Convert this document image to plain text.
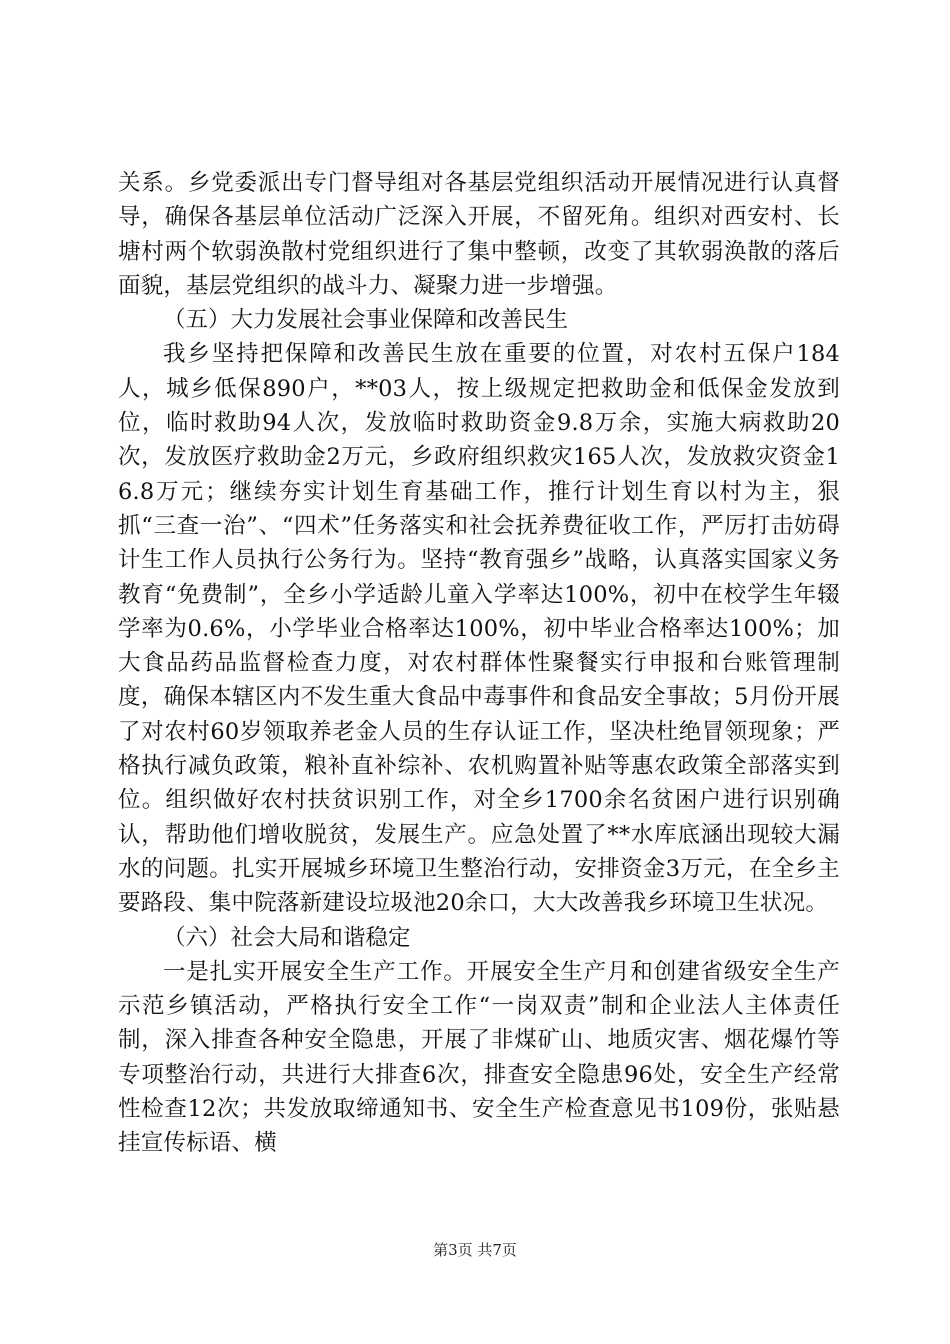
关系。乡党委派出专门督导组对各基层党组织活动开展情况进行认真督导，确保各基层单位活动广泛深入开展，不留死角。组织对西安村、长塘村两个软弱涣散村党组织进行了集中整顿，改变了其软弱涣散的落后面貌，基层党组织的战斗力、凝聚力进一步增强。

（五）大力发展社会事业保障和改善民生

我乡坚持把保障和改善民生放在重要的位置，对农村五保户184人，城乡低保890户，**03人，按上级规定把救助金和低保金发放到位，临时救助94人次，发放临时救助资金9.8万余，实施大病救助20次，发放医疗救助金2万元，乡政府组织救灾165人次，发放救灾资金16.8万元；继续夯实计划生育基础工作，推行计划生育以村为主，狠抓“三查一治”、“四术”任务落实和社会抚养费征收工作，严厉打击妨碍计生工作人员执行公务行为。坚持“教育强乡”战略，认真落实国家义务教育“免费制”，全乡小学适龄儿童入学率达100%，初中在校学生年辍学率为0.6%，小学毕业合格率达100%，初中毕业合格率达100%；加大食品药品监督检查力度，对农村群体性聚餐实行申报和台账管理制度，确保本辖区内不发生重大食品中毒事件和食品安全事故；5月份开展了对农村60岁领取养老金人员的生存认证工作，坚决杜绝冒领现象；严格执行减负政策，粮补直补综补、农机购置补贴等惠农政策全部落实到位。组织做好农村扶贫识别工作，对全乡1700余名贫困户进行识别确认，帮助他们增收脱贫，发展生产。应急处置了**水库底涵出现较大漏水的问题。扎实开展城乡环境卫生整治行动，安排资金3万元，在全乡主要路段、集中院落新建设垃圾池20余口，大大改善我乡环境卫生状况。

（六）社会大局和谐稳定

一是扎实开展安全生产工作。开展安全生产月和创建省级安全生产示范乡镇活动，严格执行安全工作“一岗双责”制和企业法人主体责任制，深入排查各种安全隐患，开展了非煤矿山、地质灾害、烟花爆竹等专项整治行动，共进行大排查6次，排查安全隐患96处，安全生产经常性检查12次；共发放取缔通知书、安全生产检查意见书109份，张贴悬挂宣传标语、横

第3页 共7页
